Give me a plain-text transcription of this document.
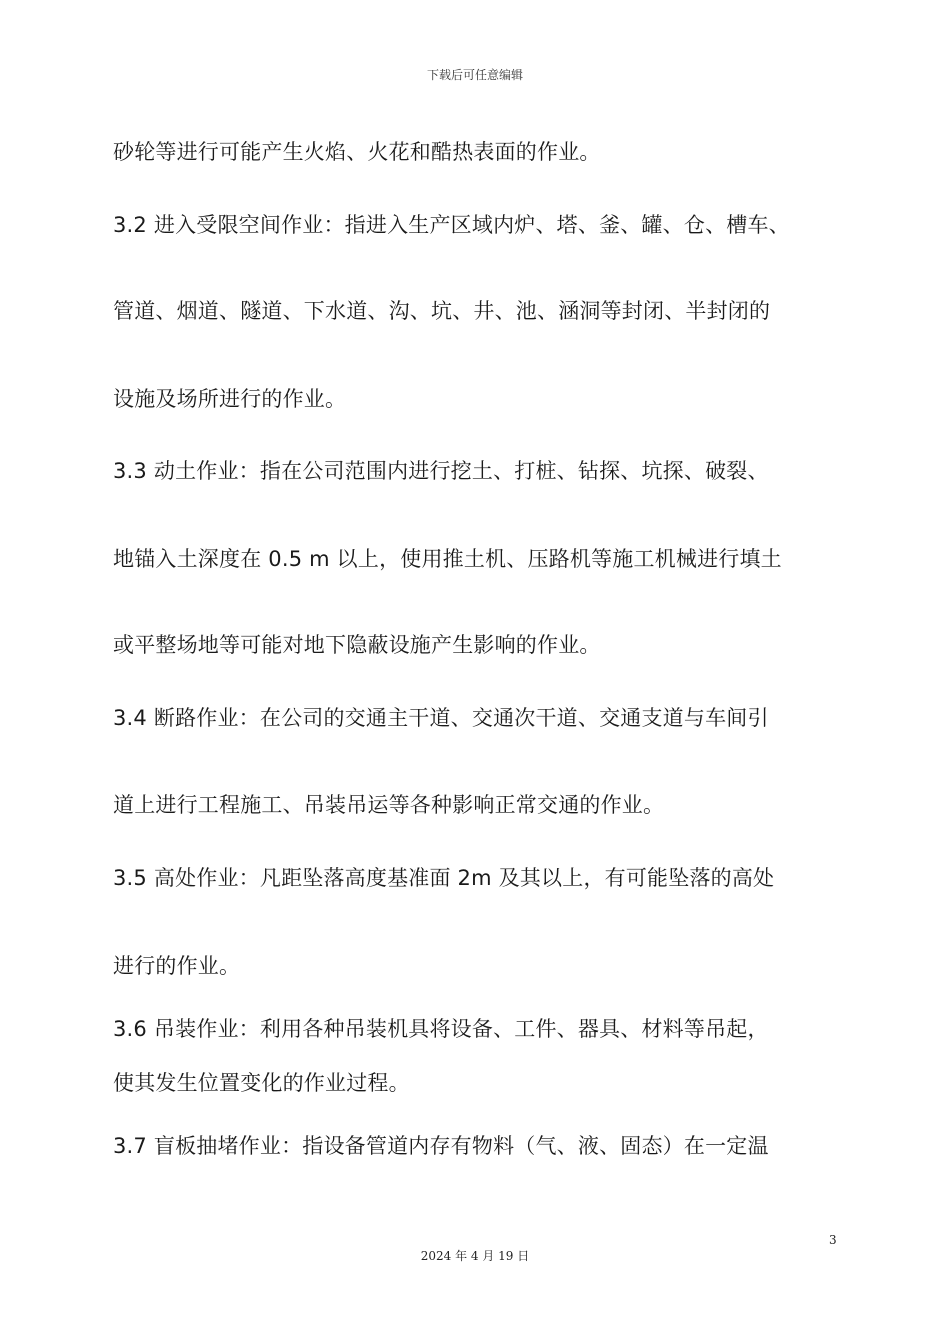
下载后可任意编辑
砂轮等进行可能产生火焰、火花和酷热表面的作业。
3.2 进入受限空间作业：指进入生产区域内炉、塔、釜、罐、仓、槽车、
管道、烟道、隧道、下水道、沟、坑、井、池、涵洞等封闭、半封闭的
设施及场所进行的作业。
3.3 动土作业：指在公司范围内进行挖土、打桩、钻探、坑探、破裂、
地锚入土深度在 0.5 m 以上，使用推土机、压路机等施工机械进行填土
或平整场地等可能对地下隐蔽设施产生影响的作业。
3.4 断路作业：在公司的交通主干道、交通次干道、交通支道与车间引
道上进行工程施工、吊装吊运等各种影响正常交通的作业。
3.5 高处作业：凡距坠落高度基准面 2m 及其以上，有可能坠落的高处
进行的作业。
3.6 吊装作业：利用各种吊装机具将设备、工件、器具、材料等吊起，
使其发生位置变化的作业过程。
3.7 盲板抽堵作业：指设备管道内存有物料（气、液、固态）在一定温
3
2024 年 4 月 19 日
